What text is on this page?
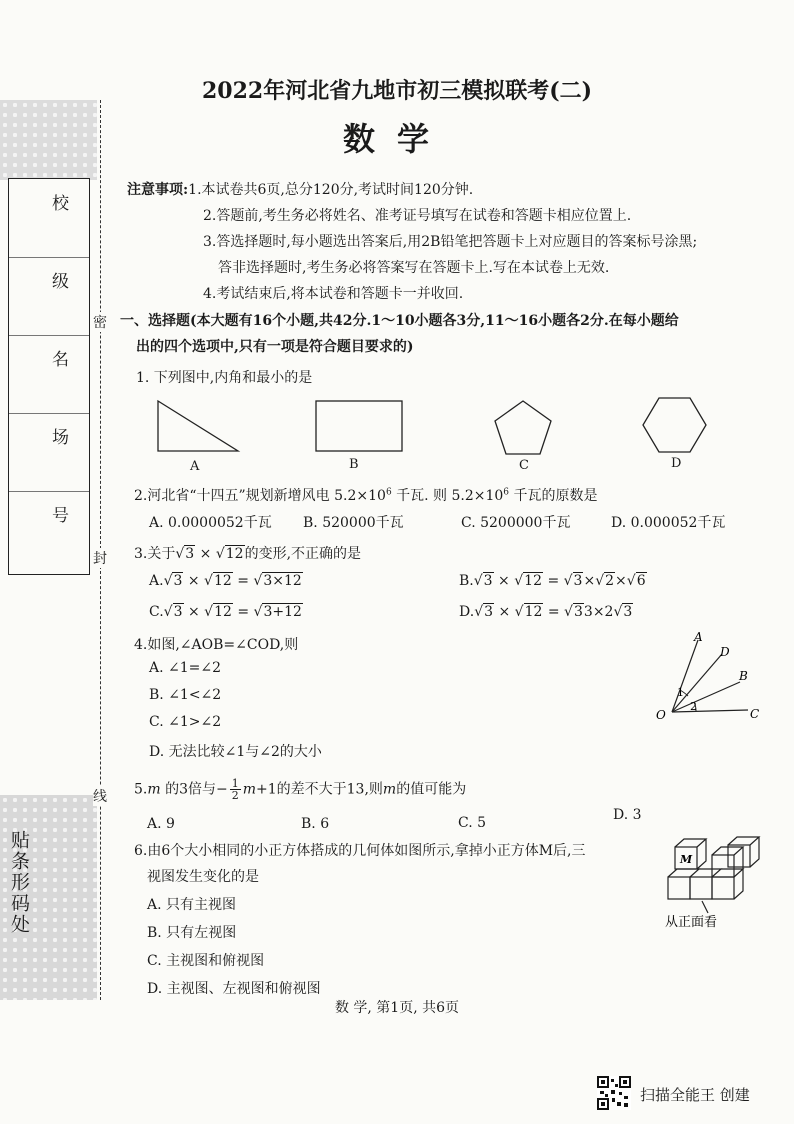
校
级
名
场
号
密
封
线
贴条形码处
2022年河北省九地市初三模拟联考(二)
数学
注意事项:1.本试卷共6页,总分120分,考试时间120分钟.
2.答题前,考生务必将姓名、准考证号填写在试卷和答题卡相应位置上.
3.答选择题时,每小题选出答案后,用2B铅笔把答题卡上对应题目的答案标号涂黑;
答非选择题时,考生务必将答案写在答题卡上.写在本试卷上无效.
4.考试结束后,将本试卷和答题卡一并收回.
一、选择题(本大题有16个小题,共42分.1～10小题各3分,11～16小题各2分.在每小题给
出的四个选项中,只有一项是符合题目要求的)
1. 下列图中,内角和最小的是
A	B	C	D
2.河北省“十四五”规划新增风电 $5.2\times 10^6$ 千瓦. 则 $5.2\times 10^6$ 千瓦的原数是
A. 0.0000052千瓦 B. 520000千瓦	C. 5200000千瓦	D. 0.000052千瓦
3.关于√3 × √12的变形,不正确的是
A.√3 × √12 = √3×12	B.√3 × √12 = √3×√2×√6
C.√3 × √12 = √3+12	D.√3 × √12 = √33×2√3
4.如图,∠AOB=∠COD,则
A. ∠1=∠2
B. ∠1<∠2
C. ∠1>∠2
D. 无法比较∠1与∠2的大小
A
D
B
C
O
1
2
5.m 的3倍与− $\frac{1}{2} m+1$的差不大于13,则m的值可能为
A. 9	B. 6	C. 5	D. 3
6.由6个大小相同的小正方体搭成的几何体如图所示,拿掉小正方体M后,三
视图发生变化的是
A. 只有主视图
B. 只有左视图
C. 主视图和俯视图
D. 主视图、左视图和俯视图
M
从正面看
数 学, 第1页, 共6页
扫描全能王 创建
